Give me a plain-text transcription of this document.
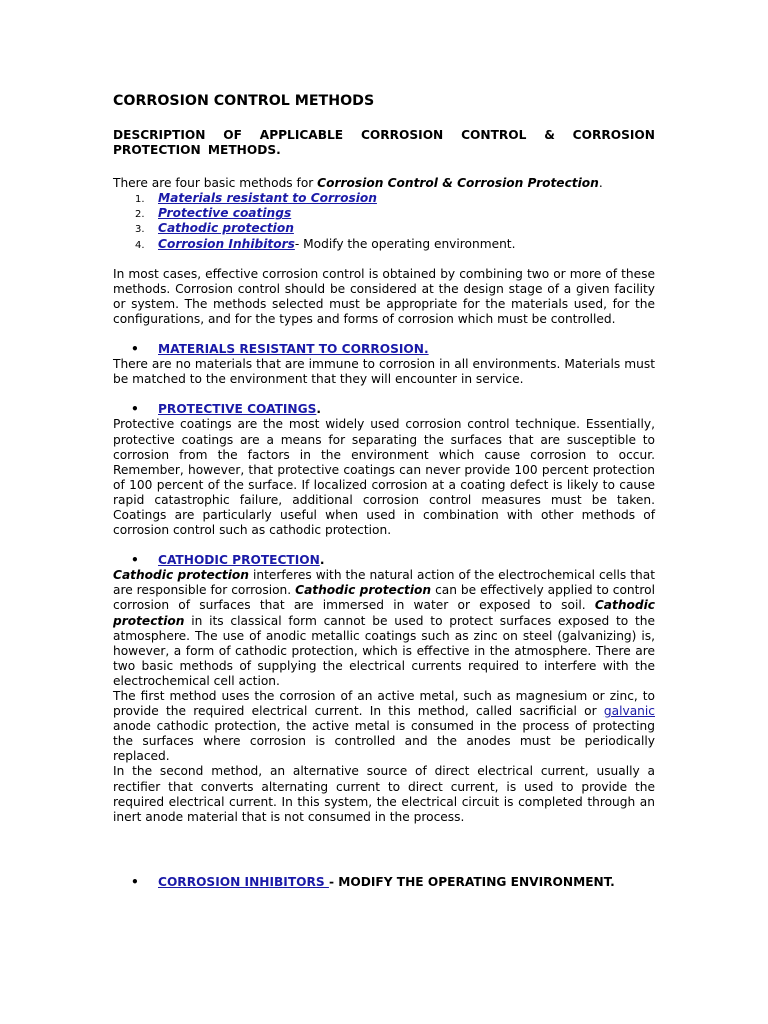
CORROSION CONTROL METHODS
DESCRIPTION OF APPLICABLE CORROSION CONTROL & CORROSION PROTECTION METHODS.

There are four basic methods for Corrosion Control & Corrosion Protection.

1. Materials resistant to Corrosion
2. Protective coatings
3. Cathodic protection
4. Corrosion Inhibitors- Modify the operating environment.

In most cases, effective corrosion control is obtained by combining two or more of these methods. Corrosion control should be considered at the design stage of a given facility or system. The methods selected must be appropriate for the materials used, for the configurations, and for the types and forms of corrosion which must be controlled.

• MATERIALS RESISTANT TO CORROSION.

There are no materials that are immune to corrosion in all environments. Materials must be matched to the environment that they will encounter in service.

• PROTECTIVE COATINGS.

Protective coatings are the most widely used corrosion control technique. Essentially, protective coatings are a means for separating the surfaces that are susceptible to corrosion from the factors in the environment which cause corrosion to occur. Remember, however, that protective coatings can never provide 100 percent protection of 100 percent of the surface. If localized corrosion at a coating defect is likely to cause rapid catastrophic failure, additional corrosion control measures must be taken. Coatings are particularly useful when used in combination with other methods of corrosion control such as cathodic protection.

• CATHODIC PROTECTION.

Cathodic protection interferes with the natural action of the electrochemical cells that are responsible for corrosion. Cathodic protection can be effectively applied to control corrosion of surfaces that are immersed in water or exposed to soil. Cathodic protection in its classical form cannot be used to protect surfaces exposed to the atmosphere. The use of anodic metallic coatings such as zinc on steel (galvanizing) is, however, a form of cathodic protection, which is effective in the atmosphere. There are two basic methods of supplying the electrical currents required to interfere with the electrochemical cell action.

The first method uses the corrosion of an active metal, such as magnesium or zinc, to provide the required electrical current. In this method, called sacrificial or galvanic anode cathodic protection, the active metal is consumed in the process of protecting the surfaces where corrosion is controlled and the anodes must be periodically replaced.

In the second method, an alternative source of direct electrical current, usually a rectifier that converts alternating current to direct current, is used to provide the required electrical current. In this system, the electrical circuit is completed through an inert anode material that is not consumed in the process.

• CORROSION INHIBITORS - MODIFY THE OPERATING ENVIRONMENT.
